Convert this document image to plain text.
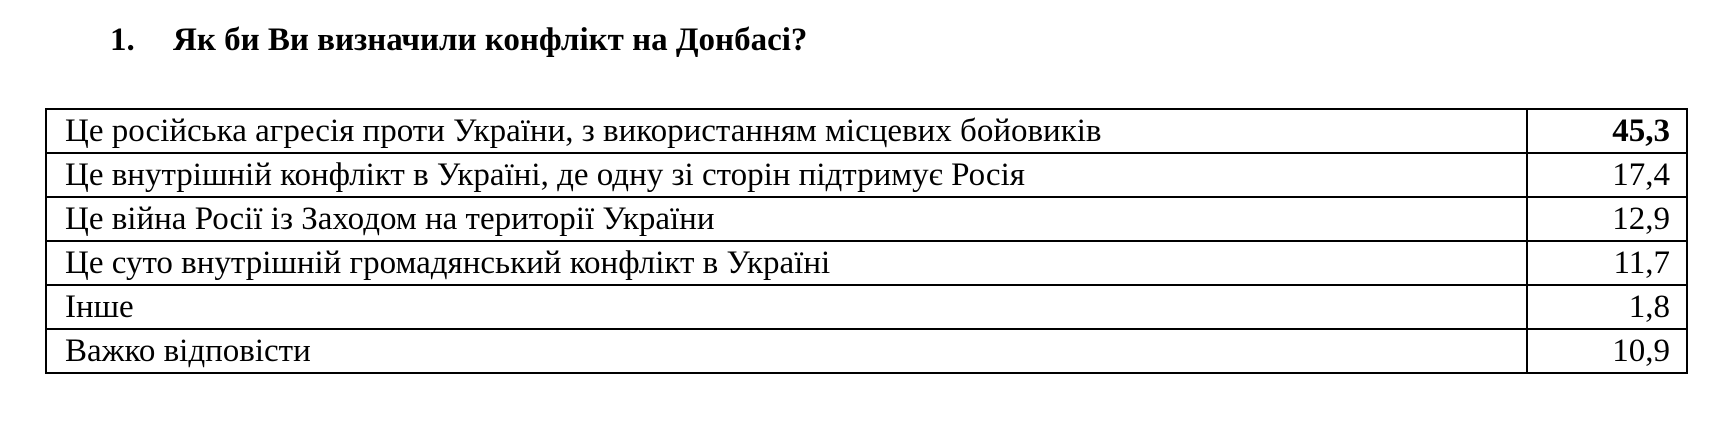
1.	Як би Ви визначили конфлікт на Донбасі?
Це російська агресія проти України, з використанням місцевих бойовиків	45,3
Це внутрішній конфлікт в Україні, де одну зі сторін підтримує Росія	17,4
Це війна Росії із Заходом на території України	12,9
Це суто внутрішній громадянський конфлікт в Україні	11,7
Інше	1,8
Важко відповісти	10,9
